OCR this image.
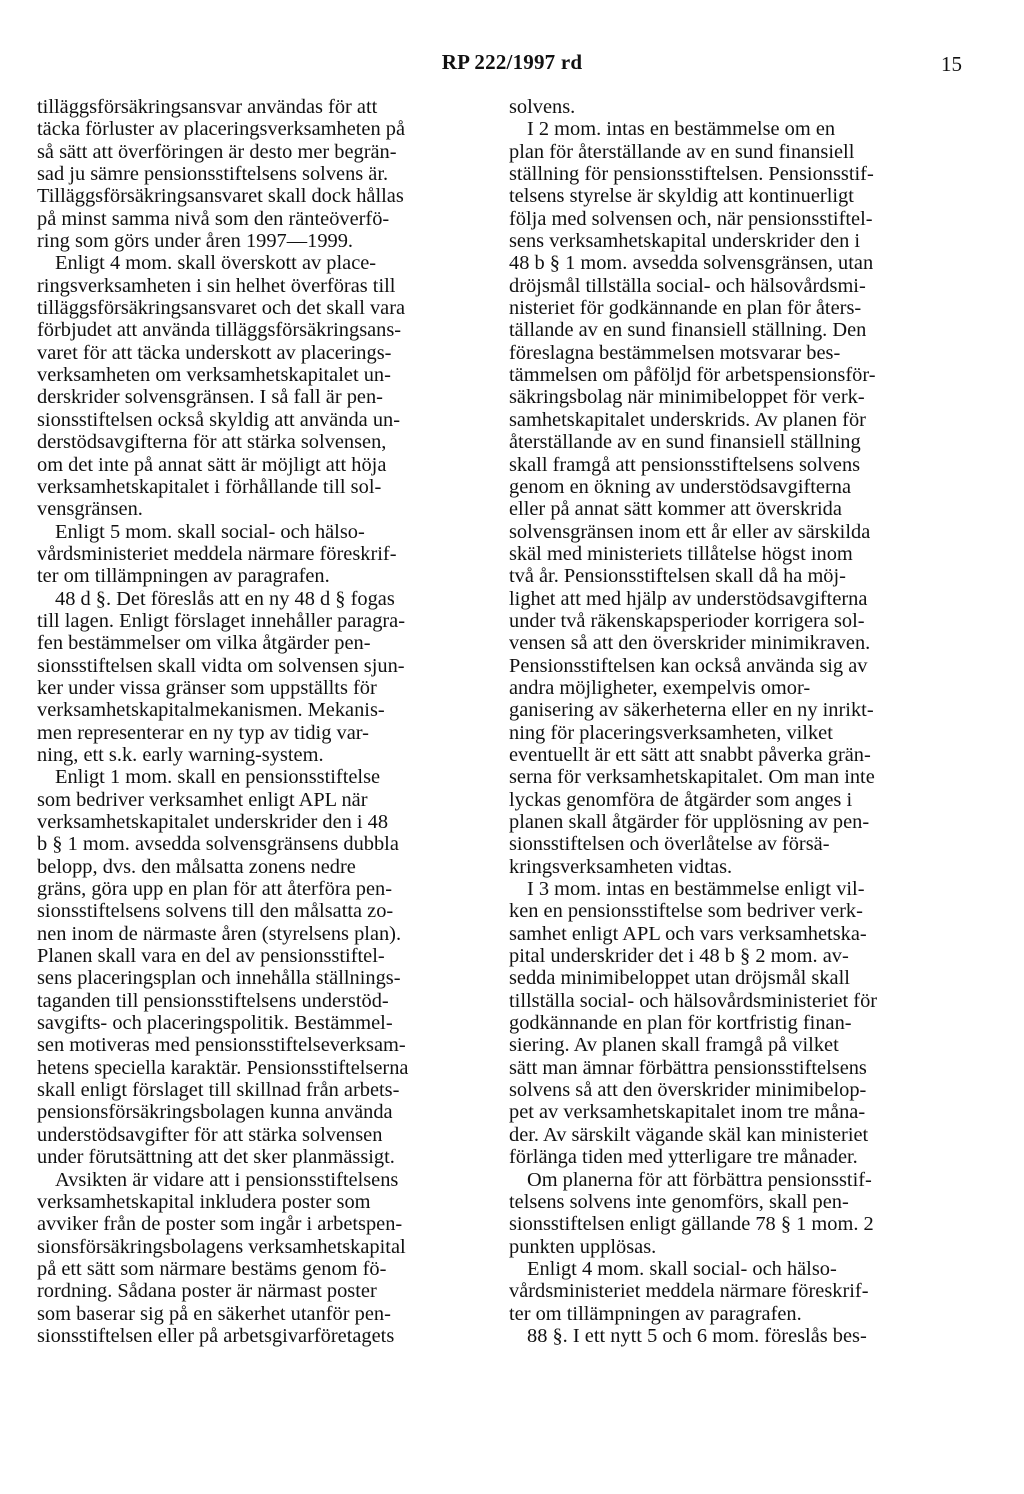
RP 222/1997 rd	15
tilläggsförsäkringsansvar användas för att
täcka förluster av placeringsverksamheten på
så sätt att överföringen är desto mer begrän-
sad ju sämre pensionsstiftelsens solvens är.
Tilläggsförsäkringsansvaret skall dock hållas
på minst samma nivå som den ränteöverfö-
ring som görs under åren 1997—1999.
Enligt 4 mom. skall överskott av place-
ringsverksamheten i sin helhet överföras till
tilläggsförsäkringsansvaret och det skall vara
förbjudet att använda tilläggsförsäkringsans-
varet för att täcka underskott av placerings-
verksamheten om verksamhetskapitalet un-
derskrider solvensgränsen. I så fall är pen-
sionsstiftelsen också skyldig att använda un-
derstödsavgifterna för att stärka solvensen,
om det inte på annat sätt är möjligt att höja
verksamhetskapitalet i förhållande till sol-
vensgränsen.
Enligt 5 mom. skall social- och hälso-
vårdsministeriet meddela närmare föreskrif-
ter om tillämpningen av paragrafen.
48 d §. Det föreslås att en ny 48 d § fogas
till lagen. Enligt förslaget innehåller paragra-
fen bestämmelser om vilka åtgärder pen-
sionsstiftelsen skall vidta om solvensen sjun-
ker under vissa gränser som uppställts för
verksamhetskapitalmekanismen. Mekanis-
men representerar en ny typ av tidig var-
ning, ett s.k. early warning-system.
Enligt 1 mom. skall en pensionsstiftelse
som bedriver verksamhet enligt APL när
verksamhetskapitalet underskrider den i 48
b § 1 mom. avsedda solvensgränsens dubbla
belopp, dvs. den målsatta zonens nedre
gräns, göra upp en plan för att återföra pen-
sionsstiftelsens solvens till den målsatta zo-
nen inom de närmaste åren (styrelsens plan).
Planen skall vara en del av pensionsstiftel-
sens placeringsplan och innehålla ställnings-
taganden till pensionsstiftelsens understöd-
savgifts- och placeringspolitik. Bestämmel-
sen motiveras med pensionsstiftelseverksam-
hetens speciella karaktär. Pensionsstiftelserna
skall enligt förslaget till skillnad från arbets-
pensionsförsäkringsbolagen kunna använda
understödsavgifter för att stärka solvensen
under förutsättning att det sker planmässigt.
Avsikten är vidare att i pensionsstiftelsens
verksamhetskapital inkludera poster som
avviker från de poster som ingår i arbetspen-
sionsförsäkringsbolagens verksamhetskapital
på ett sätt som närmare bestäms genom fö-
rordning. Sådana poster är närmast poster
som baserar sig på en säkerhet utanför pen-
sionsstiftelsen eller på arbetsgivarföretagets
solvens.
I 2 mom. intas en bestämmelse om en
plan för återställande av en sund finansiell
ställning för pensionsstiftelsen. Pensionsstif-
telsens styrelse är skyldig att kontinuerligt
följa med solvensen och, när pensionsstiftel-
sens verksamhetskapital underskrider den i
48 b § 1 mom. avsedda solvensgränsen, utan
dröjsmål tillställa social- och hälsovårdsmi-
nisteriet för godkännande en plan för åters-
tällande av en sund finansiell ställning. Den
föreslagna bestämmelsen motsvarar bes-
tämmelsen om påföljd för arbetspensionsför-
säkringsbolag när minimibeloppet för verk-
samhetskapitalet underskrids. Av planen för
återställande av en sund finansiell ställning
skall framgå att pensionsstiftelsens solvens
genom en ökning av understödsavgifterna
eller på annat sätt kommer att överskrida
solvensgränsen inom ett år eller av särskilda
skäl med ministeriets tillåtelse högst inom
två år. Pensionsstiftelsen skall då ha möj-
lighet att med hjälp av understödsavgifterna
under två räkenskapsperioder korrigera sol-
vensen så att den överskrider minimikraven.
Pensionsstiftelsen kan också använda sig av
andra möjligheter, exempelvis omor-
ganisering av säkerheterna eller en ny inrikt-
ning för placeringsverksamheten, vilket
eventuellt är ett sätt att snabbt påverka grän-
serna för verksamhetskapitalet. Om man inte
lyckas genomföra de åtgärder som anges i
planen skall åtgärder för upplösning av pen-
sionsstiftelsen och överlåtelse av försä-
kringsverksamheten vidtas.
I 3 mom. intas en bestämmelse enligt vil-
ken en pensionsstiftelse som bedriver verk-
samhet enligt APL och vars verksamhetska-
pital underskrider det i 48 b § 2 mom. av-
sedda minimibeloppet utan dröjsmål skall
tillställa social- och hälsovårdsministeriet för
godkännande en plan för kortfristig finan-
siering. Av planen skall framgå på vilket
sätt man ämnar förbättra pensionsstiftelsens
solvens så att den överskrider minimibelop-
pet av verksamhetskapitalet inom tre måna-
der. Av särskilt vägande skäl kan ministeriet
förlänga tiden med ytterligare tre månader.
Om planerna för att förbättra pensionsstif-
telsens solvens inte genomförs, skall pen-
sionsstiftelsen enligt gällande 78 § 1 mom. 2
punkten upplösas.
Enligt 4 mom. skall social- och hälso-
vårdsministeriet meddela närmare föreskrif-
ter om tillämpningen av paragrafen.
88 §. I ett nytt 5 och 6 mom. föreslås bes-
